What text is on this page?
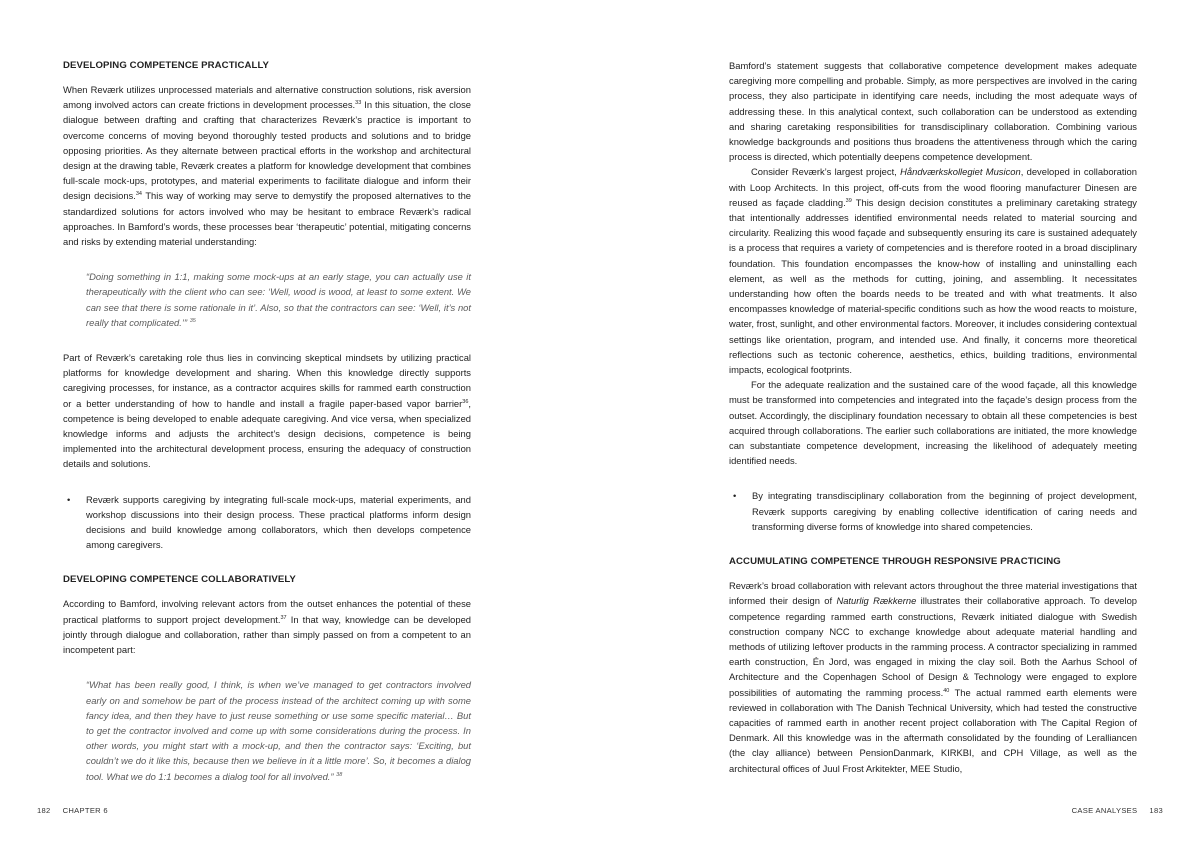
DEVELOPING COMPETENCE PRACTICALLY

When Reværk utilizes unprocessed materials and alternative construction solutions, risk aversion among involved actors can create frictions in development processes.$^{33}$ In this situation, the close dialogue between drafting and crafting that characterizes Reværk’s practice is important to overcome concerns of moving beyond thoroughly tested products and solutions and to bridge opposing priorities. As they alternate between practical efforts in the workshop and architectural design at the drawing table, Reværk creates a platform for knowledge development that combines full-scale mock-ups, prototypes, and material experiments to facilitate dialogue and inform their design decisions.$^{34}$ This way of working may serve to demystify the proposed alternatives to the standardized solutions for actors involved who may be hesitant to embrace Reværk’s radical approaches. In Bamford’s words, these processes bear ‘therapeutic’ potential, mitigating concerns and risks by extending material understanding:

“Doing something in 1:1, making some mock-ups at an early stage, you can actually use it therapeutically with the client who can see: ‘Well, wood is wood, at least to some extent. We can see that there is some rationale in it’. Also, so that the contractors can see: ‘Well, it’s not really that complicated.’” $^{35}$

Part of Reværk’s caretaking role thus lies in convincing skeptical mindsets by utilizing practical platforms for knowledge development and sharing. When this knowledge directly supports caregiving processes, for instance, as a contractor acquires skills for rammed earth construction or a better understanding of how to handle and install a fragile paper-based vapor barrier$^{36}$, competence is being developed to enable adequate caregiving. And vice versa, when specialized knowledge informs and adjusts the architect’s design decisions, competence is being implemented into the architectural development process, ensuring the adequacy of construction details and solutions.

•	Reværk supports caregiving by integrating full-scale mock-ups, material experiments, and workshop discussions into their design process. These practical platforms inform design decisions and build knowledge among collaborators, which then develops competence among caregivers.

DEVELOPING COMPETENCE COLLABORATIVELY

According to Bamford, involving relevant actors from the outset enhances the potential of these practical platforms to support project development.$^{37}$ In that way, knowledge can be developed jointly through dialogue and collaboration, rather than simply passed on from a competent to an incompetent part:

“What has been really good, I think, is when we’ve managed to get contractors involved early on and somehow be part of the process instead of the architect coming up with some fancy idea, and then they have to just reuse something or use some specific material… But to get the contractor involved and come up with some considerations during the process. In other words, you might start with a mock-up, and then the contractor says: ‘Exciting, but couldn’t we do it like this, because then we believe in it a little more’. So, it becomes a dialog tool. What we do 1:1 becomes a dialog tool for all involved.” $^{38}$

Bamford’s statement suggests that collaborative competence development makes adequate caregiving more compelling and probable. Simply, as more perspectives are involved in the caring process, they also participate in identifying care needs, including the most adequate ways of addressing these. In this analytical context, such collaboration can be understood as extending and sharing caretaking responsibilities for transdisciplinary collaboration. Combining various knowledge backgrounds and positions thus broadens the attentiveness through which the caring process is directed, which potentially deepens competence development.

Consider Reværk’s largest project, Håndværkskollegiet Musicon, developed in collaboration with Loop Architects. In this project, off-cuts from the wood flooring manufacturer Dinesen are reused as façade cladding.$^{39}$ This design decision constitutes a preliminary caretaking strategy that intentionally addresses identified environmental needs related to material sourcing and circularity. Realizing this wood façade and subsequently ensuring its care is sustained adequately is a process that requires a variety of competencies and is therefore rooted in a broad disciplinary foundation. This foundation encompasses the know-how of installing and uninstalling each element, as well as the methods for cutting, joining, and assembling. It necessitates understanding how often the boards needs to be treated and with what treatments. It also encompasses knowledge of material-specific conditions such as how the wood reacts to moisture, water, frost, sunlight, and other environmental factors. Moreover, it includes considering contextual settings like orientation, program, and intended use. And finally, it concerns more theoretical reflections such as tectonic coherence, aesthetics, ethics, building traditions, environmental impacts, ecological footprints.

For the adequate realization and the sustained care of the wood façade, all this knowledge must be transformed into competencies and integrated into the façade’s design process from the outset. Accordingly, the disciplinary foundation necessary to obtain all these competencies is best acquired through collaborations. The earlier such collaborations are initiated, the more knowledge can substantiate competence development, increasing the likelihood of adequately meeting identified needs.

•	By integrating transdisciplinary collaboration from the beginning of project development, Reværk supports caregiving by enabling collective identification of caring needs and transforming diverse forms of knowledge into shared competencies.

ACCUMULATING COMPETENCE THROUGH RESPONSIVE PRACTICING

Reværk’s broad collaboration with relevant actors throughout the three material investigations that informed their design of Naturlig Rækkerne illustrates their collaborative approach. To develop competence regarding rammed earth constructions, Reværk initiated dialogue with Swedish construction company NCC to exchange knowledge about adequate material handling and methods of utilizing leftover products in the ramming process. A contractor specializing in rammed earth construction, Én Jord, was engaged in mixing the clay soil. Both the Aarhus School of Architecture and the Copenhagen School of Design & Technology were engaged to explore possibilities of automating the ramming process.$^{40}$ The actual rammed earth elements were reviewed in collaboration with The Danish Technical University, which had tested the constructive capacities of rammed earth in another recent project collaboration with The Capital Region of Denmark. All this knowledge was in the aftermath consolidated by the founding of Leralliancen (the clay alliance) between PensionDanmark, KIRKBI, and CPH Village, as well as the architectural offices of Juul Frost Arkitekter, MEE Studio,

182 CHAPTER 6	CASE ANALYSES 183
